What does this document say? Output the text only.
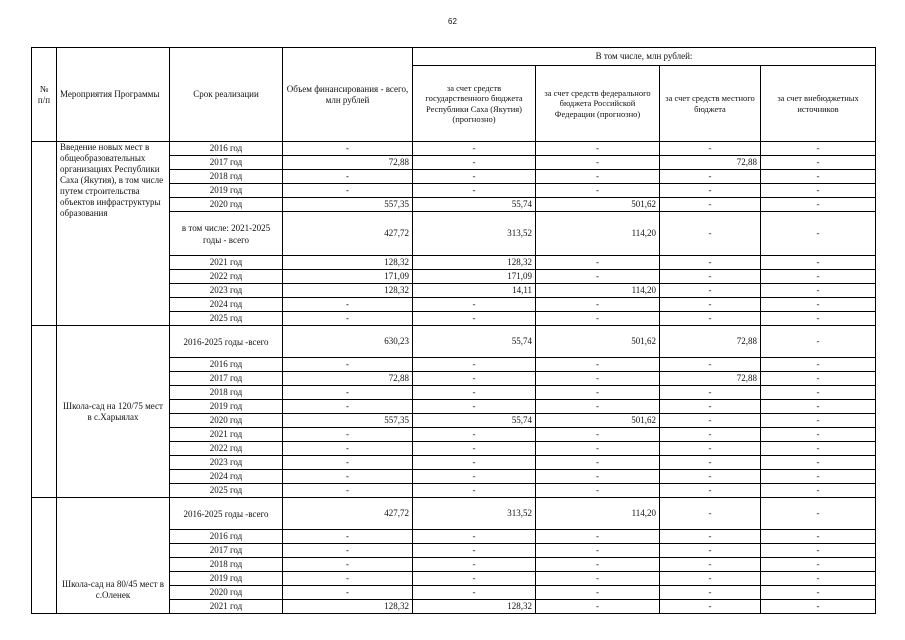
62
№ п/п	Мероприятия Программы	Срок реализации	Объем финансирования - всего, млн рублей	В том числе, млн рублей:			
				за счет средств государственного бюджета Республики Саха (Якутия) (прогнозно)	за счет средств федерального бюджета Российской Федерации (прогнозно)	за счет средств местного бюджета	за счет внебюджетных источников
	Введение новых мест в общеобразовательных организациях Республики Саха (Якутия), в том числе путем строительства объектов инфраструктуры образования	2016 год	-	-	-	-	-
		2017 год	72,88	-	-	72,88	-
		2018 год	-	-	-	-	-
		2019 год	-	-	-	-	-
		2020 год	557,35	55,74	501,62	-	-
		в том числе: 2021-2025 годы - всего	427,72	313,52	114,20	-	-
		2021 год	128,32	128,32	-	-	-
		2022 год	171,09	171,09	-	-	-
		2023 год	128,32	14,11	114,20	-	-
		2024 год	-	-	-	-	-
		2025 год	-	-	-	-	-
	Школа-сад на 120/75 мест в с.Харыялах	2016-2025 годы -всего	630,23	55,74	501,62	72,88	-
		2016 год	-	-	-	-	-
		2017 год	72,88	-	-	72,88	-
		2018 год	-	-	-	-	-
		2019 год	-	-	-	-	-
		2020 год	557,35	55,74	501,62	-	-
		2021 год	-	-	-	-	-
		2022 год	-	-	-	-	-
		2023 год	-	-	-	-	-
		2024 год	-	-	-	-	-
		2025 год	-	-	-	-	-
	Школа-сад на 80/45 мест в с.Оленек	2016-2025 годы -всего	427,72	313,52	114,20	-	-
		2016 год	-	-	-	-	-
		2017 год	-	-	-	-	-
		2018 год	-	-	-	-	-
		2019 год	-	-	-	-	-
		2020 год	-	-	-	-	-
		2021 год	128,32	128,32	-	-	-
